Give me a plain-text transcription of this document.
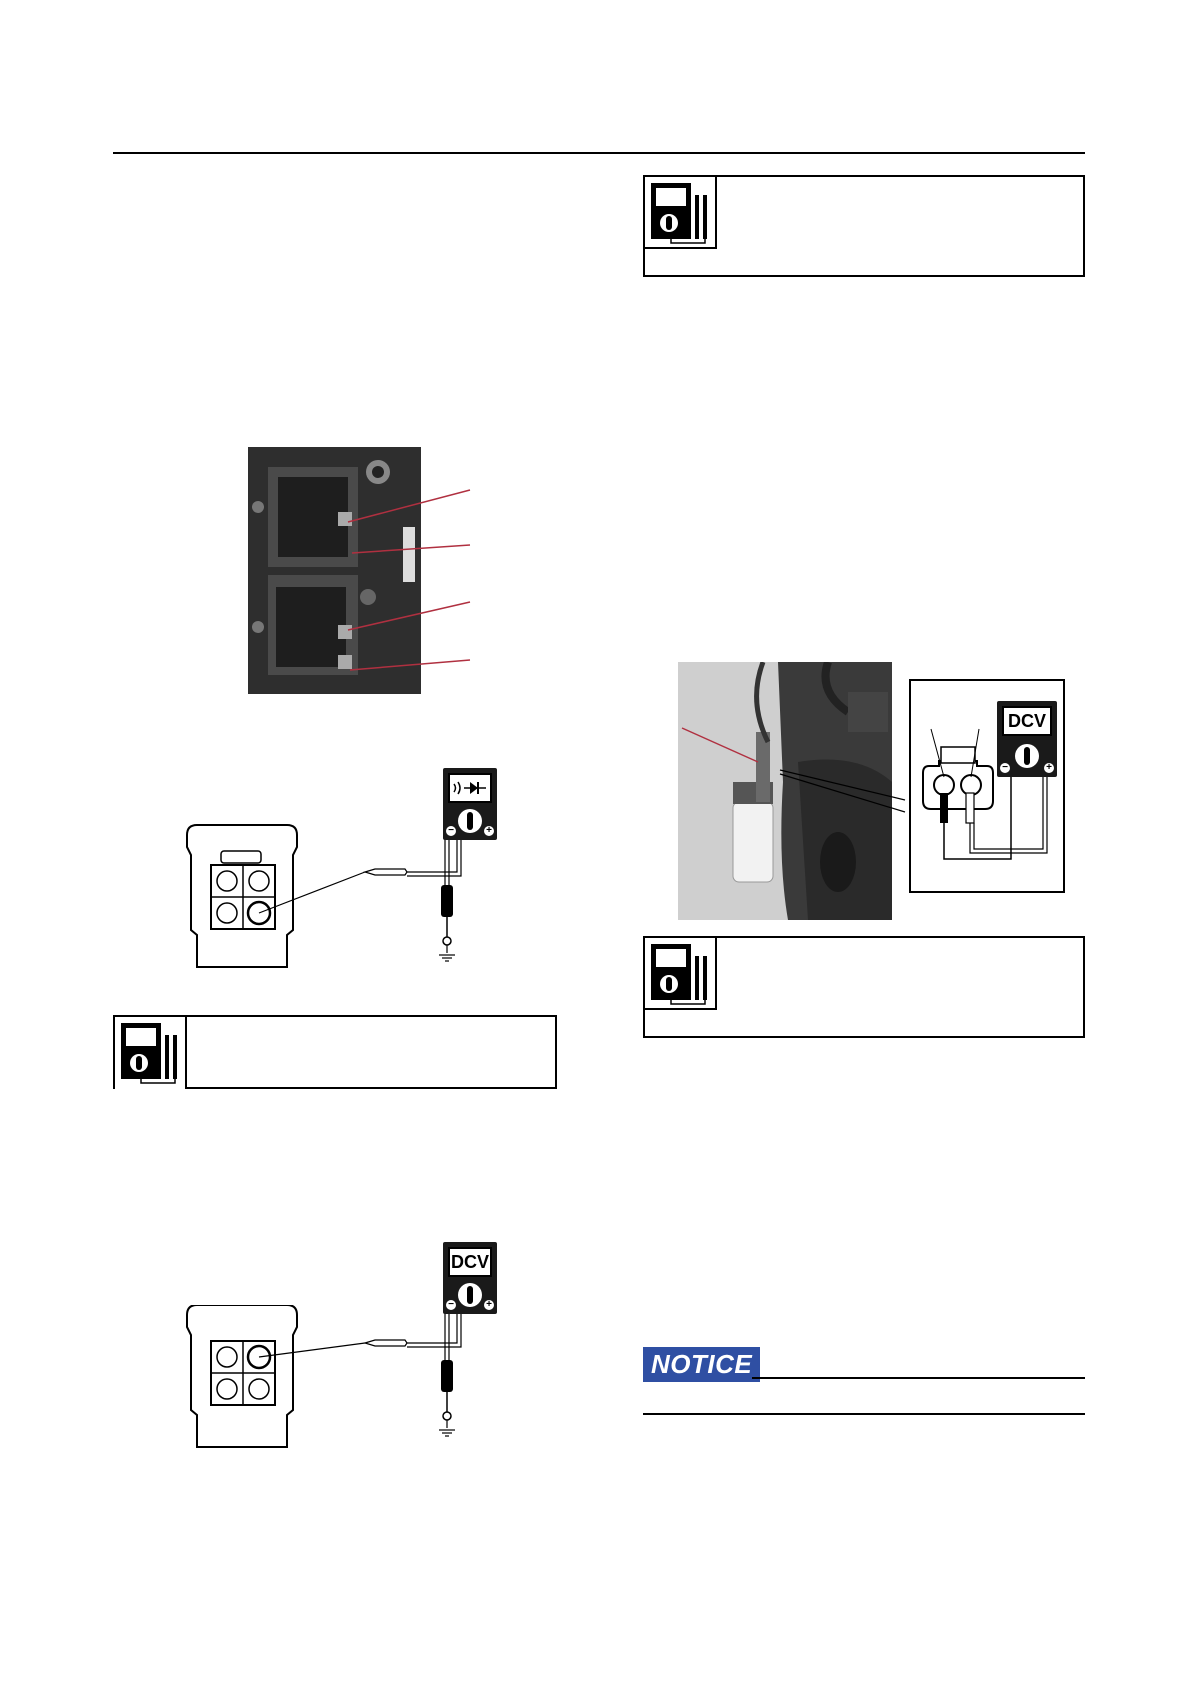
−	+
DCV
−	+
DCV
−	+
NOTICE
